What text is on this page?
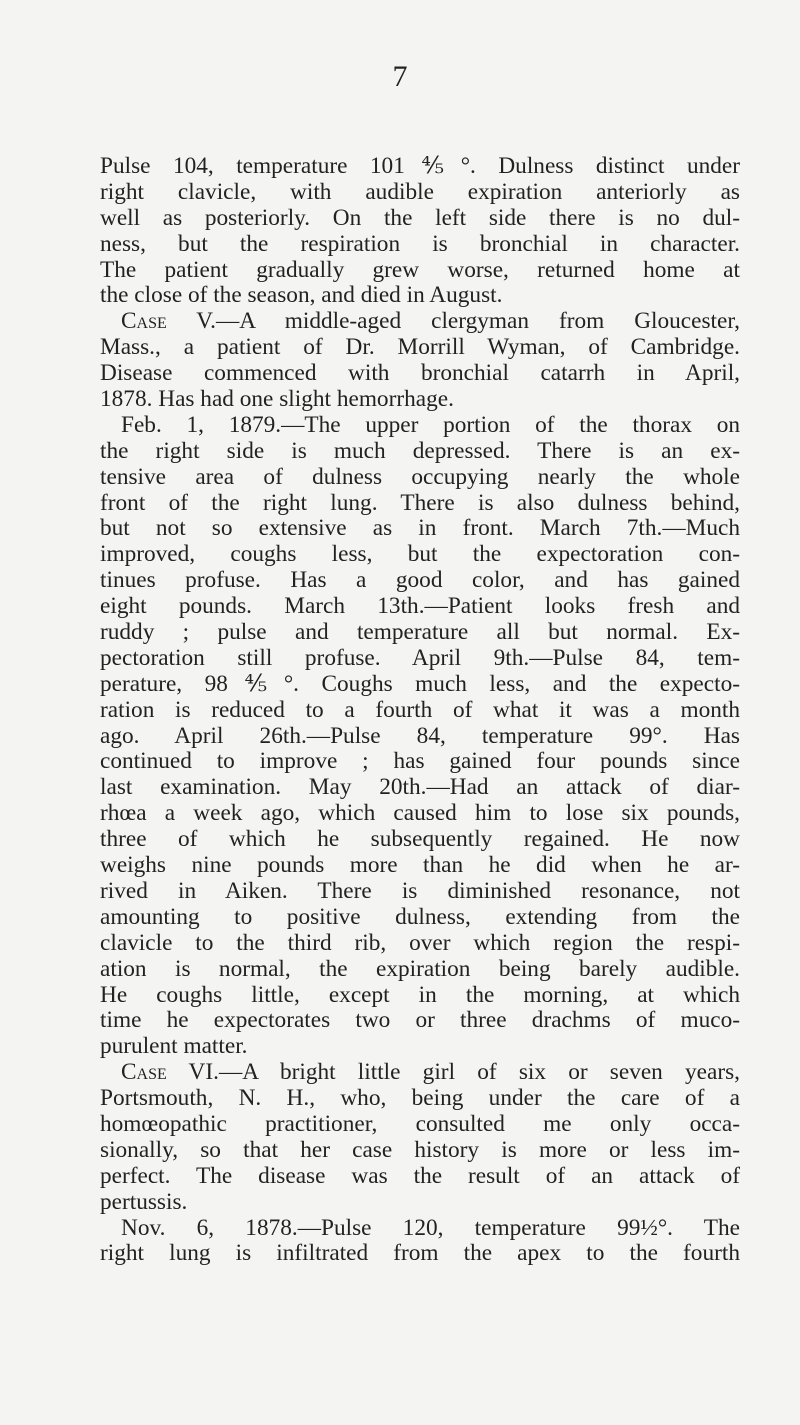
7
Pulse 104, temperature 101⅘°. Dulness distinct under
right clavicle, with audible expiration anteriorly as
well as posteriorly. On the left side there is no dul-
ness, but the respiration is bronchial in character.
The patient gradually grew worse, returned home at
the close of the season, and died in August.
Case V.—A middle-aged clergyman from Gloucester,
Mass., a patient of Dr. Morrill Wyman, of Cambridge.
Disease commenced with bronchial catarrh in April,
1878. Has had one slight hemorrhage.
Feb. 1, 1879.—The upper portion of the thorax on
the right side is much depressed. There is an ex-
tensive area of dulness occupying nearly the whole
front of the right lung. There is also dulness behind,
but not so extensive as in front. March 7th.—Much
improved, coughs less, but the expectoration con-
tinues profuse. Has a good color, and has gained
eight pounds. March 13th.—Patient looks fresh and
ruddy ; pulse and temperature all but normal. Ex-
pectoration still profuse. April 9th.—Pulse 84, tem-
perature, 98⅘°. Coughs much less, and the expecto-
ration is reduced to a fourth of what it was a month
ago. April 26th.—Pulse 84, temperature 99°. Has
continued to improve ; has gained four pounds since
last examination. May 20th.—Had an attack of diar-
rhœa a week ago, which caused him to lose six pounds,
three of which he subsequently regained. He now
weighs nine pounds more than he did when he ar-
rived in Aiken. There is diminished resonance, not
amounting to positive dulness, extending from the
clavicle to the third rib, over which region the respi-
ation is normal, the expiration being barely audible.
He coughs little, except in the morning, at which
time he expectorates two or three drachms of muco-
purulent matter.
Case VI.—A bright little girl of six or seven years,
Portsmouth, N. H., who, being under the care of a
homœopathic practitioner, consulted me only occa-
sionally, so that her case history is more or less im-
perfect. The disease was the result of an attack of
pertussis.
Nov. 6, 1878.—Pulse 120, temperature 99½°. The
right lung is infiltrated from the apex to the fourth
